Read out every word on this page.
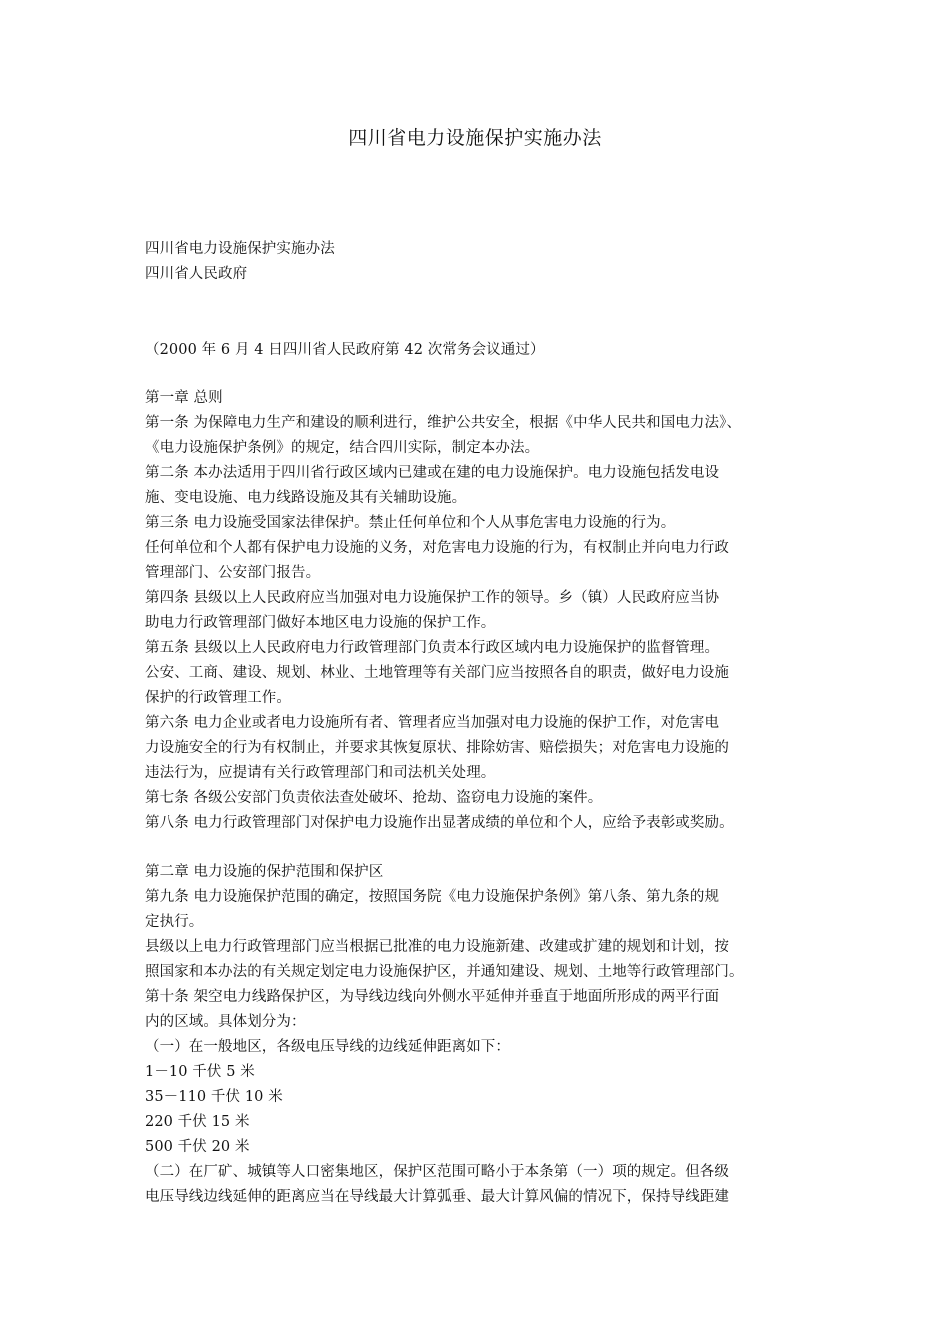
四川省电力设施保护实施办法
四川省电力设施保护实施办法
四川省人民政府
（2000 年 6 月 4 日四川省人民政府第 42 次常务会议通过）
第一章 总则
第一条 为保障电力生产和建设的顺利进行，维护公共安全，根据《中华人民共和国电力法》、
《电力设施保护条例》的规定，结合四川实际，制定本办法。
第二条 本办法适用于四川省行政区域内已建或在建的电力设施保护。电力设施包括发电设
施、变电设施、电力线路设施及其有关辅助设施。
第三条 电力设施受国家法律保护。禁止任何单位和个人从事危害电力设施的行为。
任何单位和个人都有保护电力设施的义务，对危害电力设施的行为，有权制止并向电力行政
管理部门、公安部门报告。
第四条 县级以上人民政府应当加强对电力设施保护工作的领导。乡（镇）人民政府应当协
助电力行政管理部门做好本地区电力设施的保护工作。
第五条 县级以上人民政府电力行政管理部门负责本行政区域内电力设施保护的监督管理。
公安、工商、建设、规划、林业、土地管理等有关部门应当按照各自的职责，做好电力设施
保护的行政管理工作。
第六条 电力企业或者电力设施所有者、管理者应当加强对电力设施的保护工作，对危害电
力设施安全的行为有权制止，并要求其恢复原状、排除妨害、赔偿损失；对危害电力设施的
违法行为，应提请有关行政管理部门和司法机关处理。
第七条 各级公安部门负责依法查处破坏、抢劫、盗窃电力设施的案件。
第八条 电力行政管理部门对保护电力设施作出显著成绩的单位和个人，应给予表彰或奖励。
第二章 电力设施的保护范围和保护区
第九条 电力设施保护范围的确定，按照国务院《电力设施保护条例》第八条、第九条的规
定执行。
县级以上电力行政管理部门应当根据已批准的电力设施新建、改建或扩建的规划和计划，按
照国家和本办法的有关规定划定电力设施保护区，并通知建设、规划、土地等行政管理部门。
第十条 架空电力线路保护区，为导线边线向外侧水平延伸并垂直于地面所形成的两平行面
内的区域。具体划分为：
（一）在一般地区，各级电压导线的边线延伸距离如下：
1－10 千伏 5 米
35－110 千伏 10 米
220 千伏 15 米
500 千伏 20 米
（二）在厂矿、城镇等人口密集地区，保护区范围可略小于本条第（一）项的规定。但各级
电压导线边线延伸的距离应当在导线最大计算弧垂、最大计算风偏的情况下，保持导线距建
